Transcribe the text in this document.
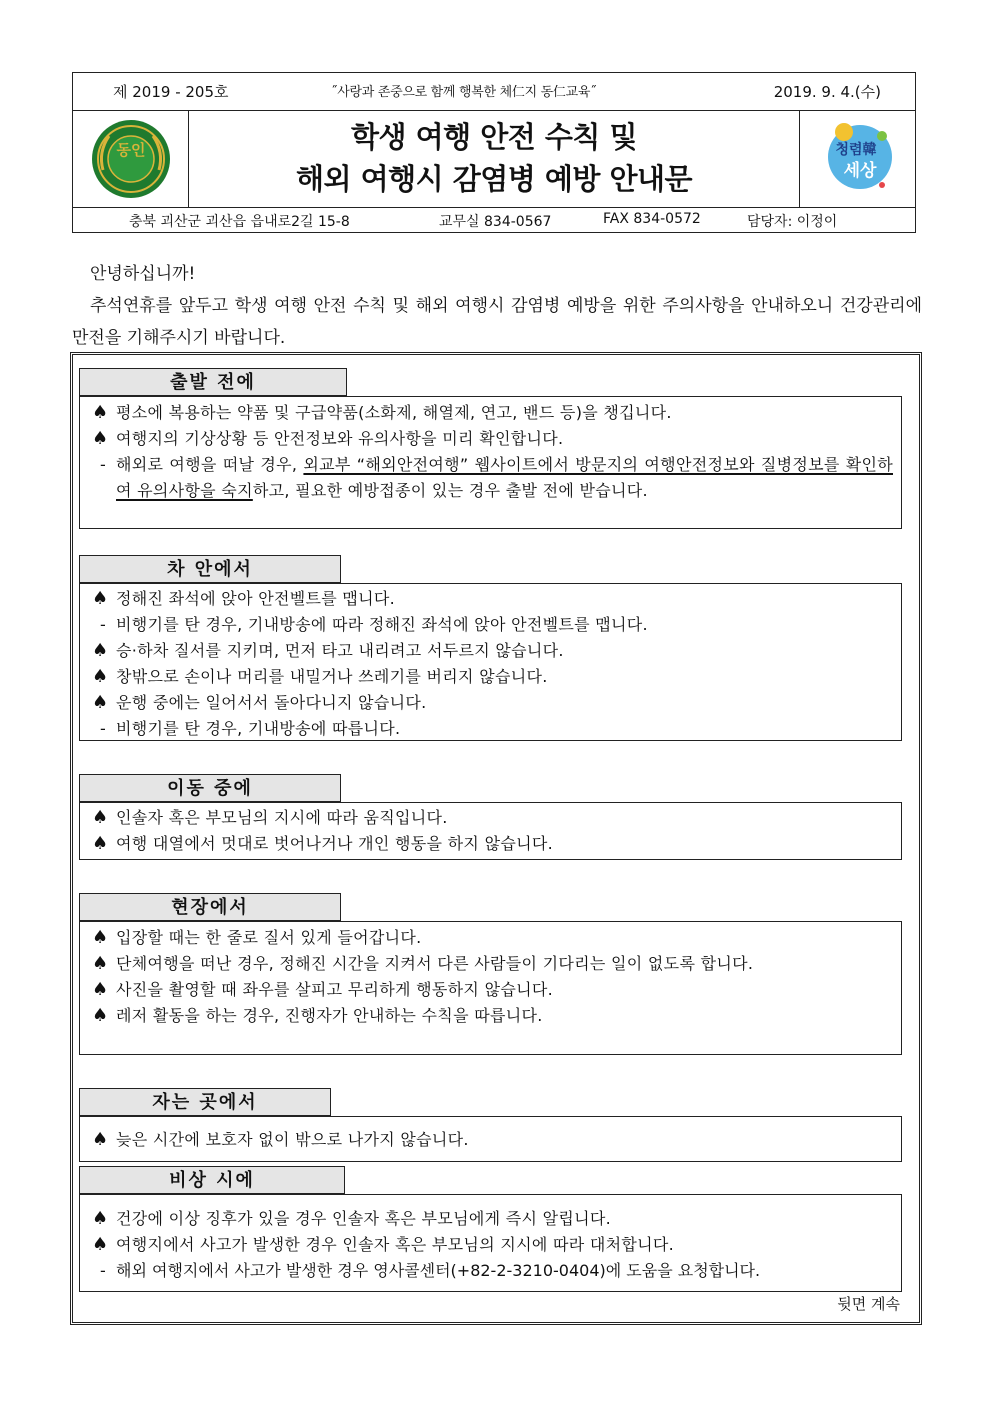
제 2019 - 205호	˝사랑과 존중으로 함께 행복한 체仁지 동仁교육˝	2019. 9. 4.(수)
동인	학생 여행 안전 수칙 및
해외 여행시 감염병 예방 안내문
청렴韓
세상
충북 괴산군 괴산읍 읍내로2길 15-8	교무실 834-0567	FAX 834-0572	담당자: 이정이

안녕하십니까!

추석연휴를 앞두고 학생 여행 안전 수칙 및 해외 여행시 감염병 예방을 위한 주의사항을 안내하오니 건강관리에 만전을 기해주시기 바랍니다.

출발 전에
♠ 평소에 복용하는 약품 및 구급약품(소화제, 해열제, 연고, 밴드 등)을 챙깁니다.
♠ 여행지의 기상상황 등 안전정보와 유의사항을 미리 확인합니다.
- 해외로 여행을 떠날 경우, 외교부 “해외안전여행” 웹사이트에서 방문지의 여행안전정보와 질병정보를 확인하여 유의사항을 숙지하고, 필요한 예방접종이 있는 경우 출발 전에 받습니다.
차 안에서
♠ 정해진 좌석에 앉아 안전벨트를 맵니다.
- 비행기를 탄 경우, 기내방송에 따라 정해진 좌석에 앉아 안전벨트를 맵니다.
♠ 승·하차 질서를 지키며, 먼저 타고 내리려고 서두르지 않습니다.
♠ 창밖으로 손이나 머리를 내밀거나 쓰레기를 버리지 않습니다.
♠ 운행 중에는 일어서서 돌아다니지 않습니다.
- 비행기를 탄 경우, 기내방송에 따릅니다.
이동 중에
♠ 인솔자 혹은 부모님의 지시에 따라 움직입니다.
♠ 여행 대열에서 멋대로 벗어나거나 개인 행동을 하지 않습니다.
현장에서
♠ 입장할 때는 한 줄로 질서 있게 들어갑니다.
♠ 단체여행을 떠난 경우, 정해진 시간을 지켜서 다른 사람들이 기다리는 일이 없도록 합니다.
♠ 사진을 촬영할 때 좌우를 살피고 무리하게 행동하지 않습니다.
♠ 레저 활동을 하는 경우, 진행자가 안내하는 수칙을 따릅니다.
자는 곳에서
♠ 늦은 시간에 보호자 없이 밖으로 나가지 않습니다.
비상 시에
♠ 건강에 이상 징후가 있을 경우 인솔자 혹은 부모님에게 즉시 알립니다.
♠ 여행지에서 사고가 발생한 경우 인솔자 혹은 부모님의 지시에 따라 대처합니다.
- 해외 여행지에서 사고가 발생한 경우 영사콜센터(+82-2-3210-0404)에 도움을 요청합니다.
뒷면 계속
